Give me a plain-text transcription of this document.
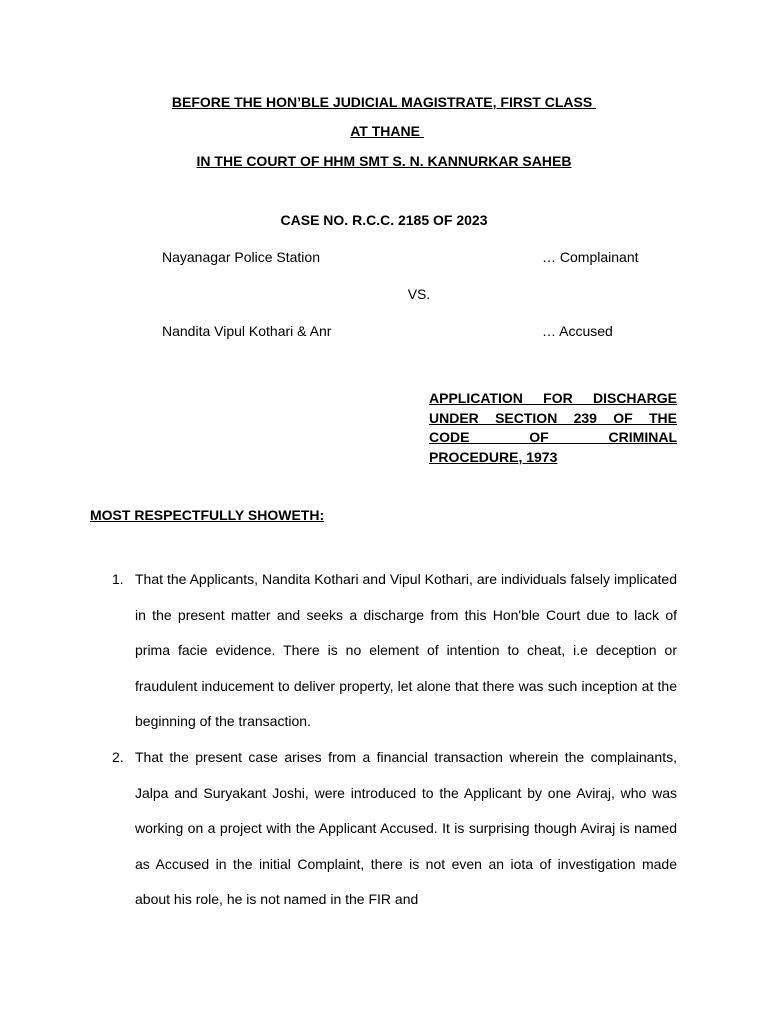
BEFORE THE HON’BLE JUDICIAL MAGISTRATE, FIRST CLASS
AT THANE
IN THE COURT OF HHM SMT S. N. KANNURKAR SAHEB
CASE NO. R.C.C. 2185 OF 2023
Nayanagar Police Station	… Complainant
VS.
Nandita Vipul Kothari & Anr	… Accused
APPLICATION FOR DISCHARGE
UNDER SECTION 239 OF THE
CODE OF CRIMINAL
PROCEDURE, 1973
MOST RESPECTFULLY SHOWETH:
1. That the Applicants, Nandita Kothari and Vipul Kothari, are individuals falsely implicated in the present matter and seeks a discharge from this Hon'ble Court due to lack of prima facie evidence. There is no element of intention to cheat, i.e deception or fraudulent inducement to deliver property, let alone that there was such inception at the beginning of the transaction.
2. That the present case arises from a financial transaction wherein the complainants, Jalpa and Suryakant Joshi, were introduced to the Applicant by one Aviraj, who was working on a project with the Applicant Accused. It is surprising though Aviraj is named as Accused in the initial Complaint, there is not even an iota of investigation made about his role, he is not named in the FIR and
